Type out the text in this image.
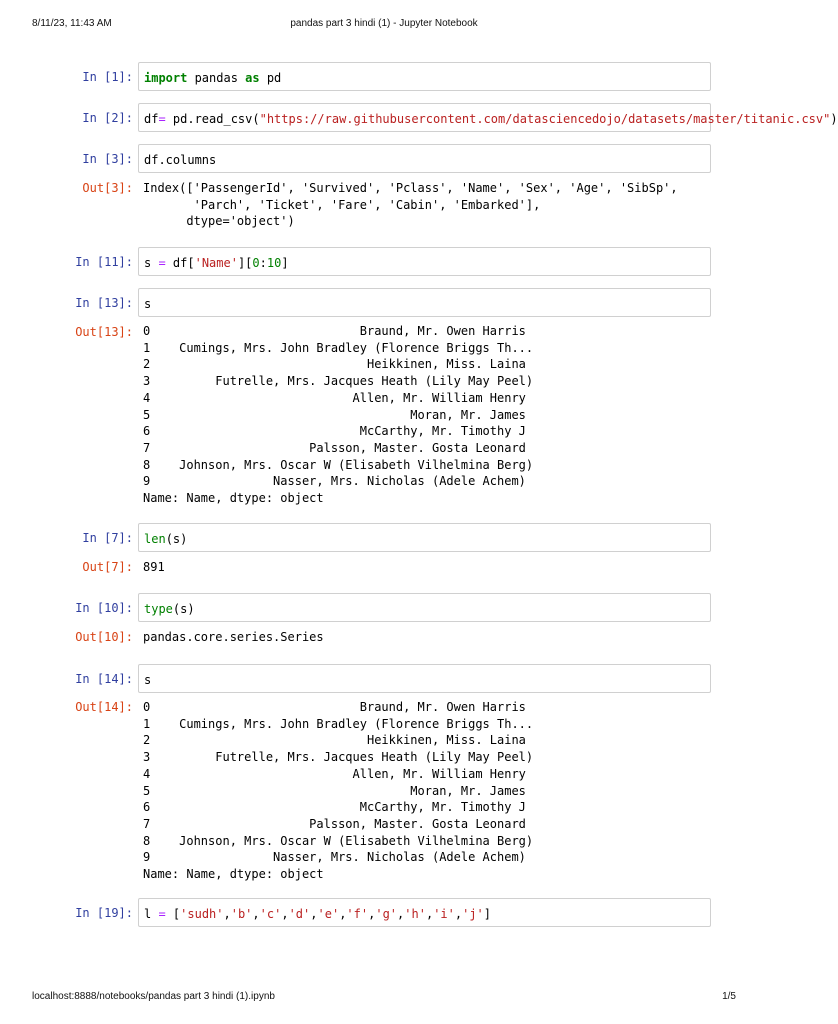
8/11/23, 11:43 AM	pandas part 3 hindi (1) - Jupyter Notebook
In [1]: import pandas as pd
In [2]: df= pd.read_csv("https://raw.githubusercontent.com/datasciencedojo/datasets/master/titanic.csv")
In [3]: df.columns
Out[3]: Index(['PassengerId', 'Survived', 'Pclass', 'Name', 'Sex', 'Age', 'SibSp',
'Parch', 'Ticket', 'Fare', 'Cabin', 'Embarked'],
dtype='object')
In [11]: s = df['Name'][0:10]
In [13]: s
Out[13]: 0                             Braund, Mr. Owen Harris
1    Cumings, Mrs. John Bradley (Florence Briggs Th...
2                              Heikkinen, Miss. Laina
3         Futrelle, Mrs. Jacques Heath (Lily May Peel)
4                            Allen, Mr. William Henry
5                                    Moran, Mr. James
6                             McCarthy, Mr. Timothy J
7                      Palsson, Master. Gosta Leonard
8    Johnson, Mrs. Oscar W (Elisabeth Vilhelmina Berg)
9                 Nasser, Mrs. Nicholas (Adele Achem)
Name: Name, dtype: object
In [7]: len(s)
Out[7]: 891
In [10]: type(s)
Out[10]: pandas.core.series.Series
In [14]: s
Out[14]: 0                             Braund, Mr. Owen Harris
1    Cumings, Mrs. John Bradley (Florence Briggs Th...
2                              Heikkinen, Miss. Laina
3         Futrelle, Mrs. Jacques Heath (Lily May Peel)
4                            Allen, Mr. William Henry
5                                    Moran, Mr. James
6                             McCarthy, Mr. Timothy J
7                      Palsson, Master. Gosta Leonard
8    Johnson, Mrs. Oscar W (Elisabeth Vilhelmina Berg)
9                 Nasser, Mrs. Nicholas (Adele Achem)
Name: Name, dtype: object
In [19]: l = ['sudh','b','c','d','e','f','g','h','i','j']
localhost:8888/notebooks/pandas part 3 hindi (1).ipynb	1/5
